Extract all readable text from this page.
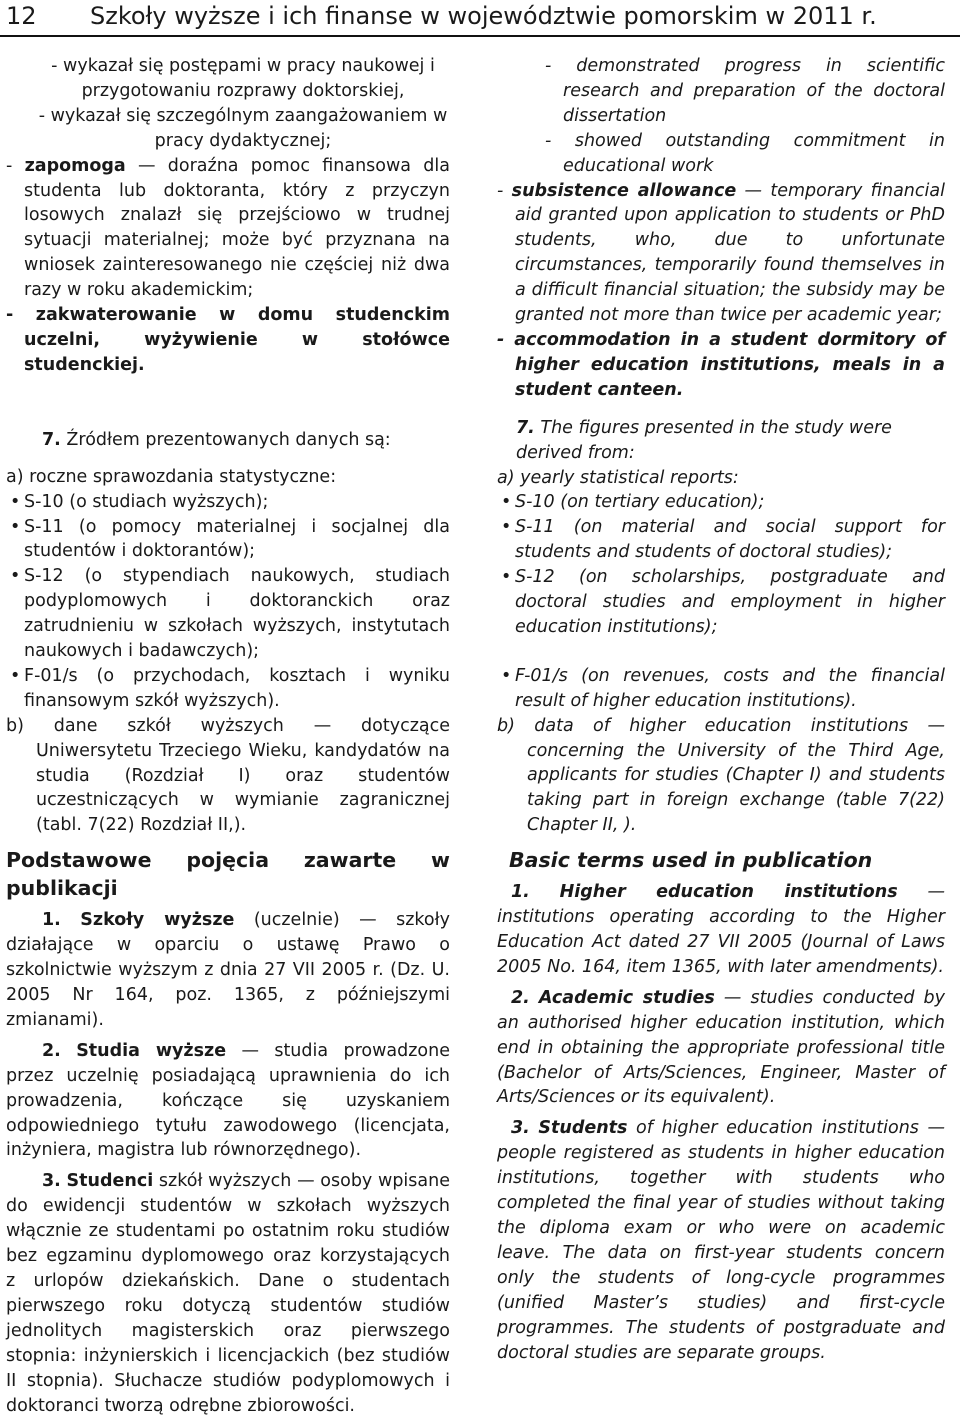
12 Szkoły wyższe i ich finanse w województwie pomorskim w 2011 r.

- wykazał się postępami w pracy naukowej i przygotowaniu rozprawy doktorskiej,

- wykazał się szczególnym zaangażowaniem w pracy dydaktycznej;

- zapomoga — doraźna pomoc finansowa dla studenta lub doktoranta, który z przyczyn losowych znalazł się przejściowo w trudnej sytuacji materialnej; może być przyznana na wniosek zainteresowanego nie częściej niż dwa razy w roku akademickim;

- zakwaterowanie w domu studenckim uczelni, wyżywienie w stołówce studenckiej.

7. Źródłem prezentowanych danych są:

a) roczne sprawozdania statystyczne:

• S-10 (o studiach wyższych);

• S-11 (o pomocy materialnej i socjalnej dla studentów i doktorantów);

• S-12 (o stypendiach naukowych, studiach podyplomowych i doktoranckich oraz zatrudnieniu w szkołach wyższych, instytutach naukowych i badawczych);

• F-01/s (o przychodach, kosztach i wyniku finansowym szkół wyższych).

b) dane szkół wyższych — dotyczące Uniwersytetu Trzeciego Wieku, kandydatów na studia (Rozdział I) oraz studentów uczestniczących w wymianie zagranicznej (tabl. 7(22) Rozdział II,).

Podstawowe pojęcia zawarte w publikacji

1. Szkoły wyższe (uczelnie) — szkoły działające w oparciu o ustawę Prawo o szkolnictwie wyższym z dnia 27 VII 2005 r. (Dz. U. 2005 Nr 164, poz. 1365, z późniejszymi zmianami).

2. Studia wyższe — studia prowadzone przez uczelnię posiadającą uprawnienia do ich prowadzenia, kończące się uzyskaniem odpowiedniego tytułu zawodowego (licencjata, inżyniera, magistra lub równorzędnego).

3. Studenci szkół wyższych — osoby wpisane do ewidencji studentów w szkołach wyższych włącznie ze studentami po ostatnim roku studiów bez egzaminu dyplomowego oraz korzystających z urlopów dziekańskich. Dane o studentach pierwszego roku dotyczą studentów studiów jednolitych magisterskich oraz pierwszego stopnia: inżynierskich i licencjackich (bez studiów II stopnia). Słuchacze studiów podyplomowych i doktoranci tworzą odrębne zbiorowości.

- demonstrated progress in scientific research and preparation of the doctoral dissertation

- showed outstanding commitment in educational work

- subsistence allowance — temporary financial aid granted upon application to students or PhD students, who, due to unfortunate circumstances, temporarily found themselves in a difficult financial situation; the subsidy may be granted not more than twice per academic year;

- accommodation in a student dormitory of higher education institutions, meals in a student canteen.

7. The figures presented in the study were derived from:

a) yearly statistical reports:

• S-10 (on tertiary education);

• S-11 (on material and social support for students and students of doctoral studies);

• S-12 (on scholarships, postgraduate and doctoral studies and employment in higher education institutions);

• F-01/s (on revenues, costs and the financial result of higher education institutions).

b) data of higher education institutions — concerning the University of the Third Age, applicants for studies (Chapter I) and students taking part in foreign exchange (table 7(22) Chapter II, ).

Basic terms used in publication

1. Higher education institutions — institutions operating according to the Higher Education Act dated 27 VII 2005 (Journal of Laws 2005 No. 164, item 1365, with later amendments).

2. Academic studies — studies conducted by an authorised higher education institution, which end in obtaining the appropriate professional title (Bachelor of Arts/Sciences, Engineer, Master of Arts/Sciences or its equivalent).

3. Students of higher education institutions — people registered as students in higher education institutions, together with students who completed the final year of studies without taking the diploma exam or who were on academic leave. The data on first-year students concern only the students of long-cycle programmes (unified Master’s studies) and first-cycle programmes. The students of postgraduate and doctoral studies are separate groups.
